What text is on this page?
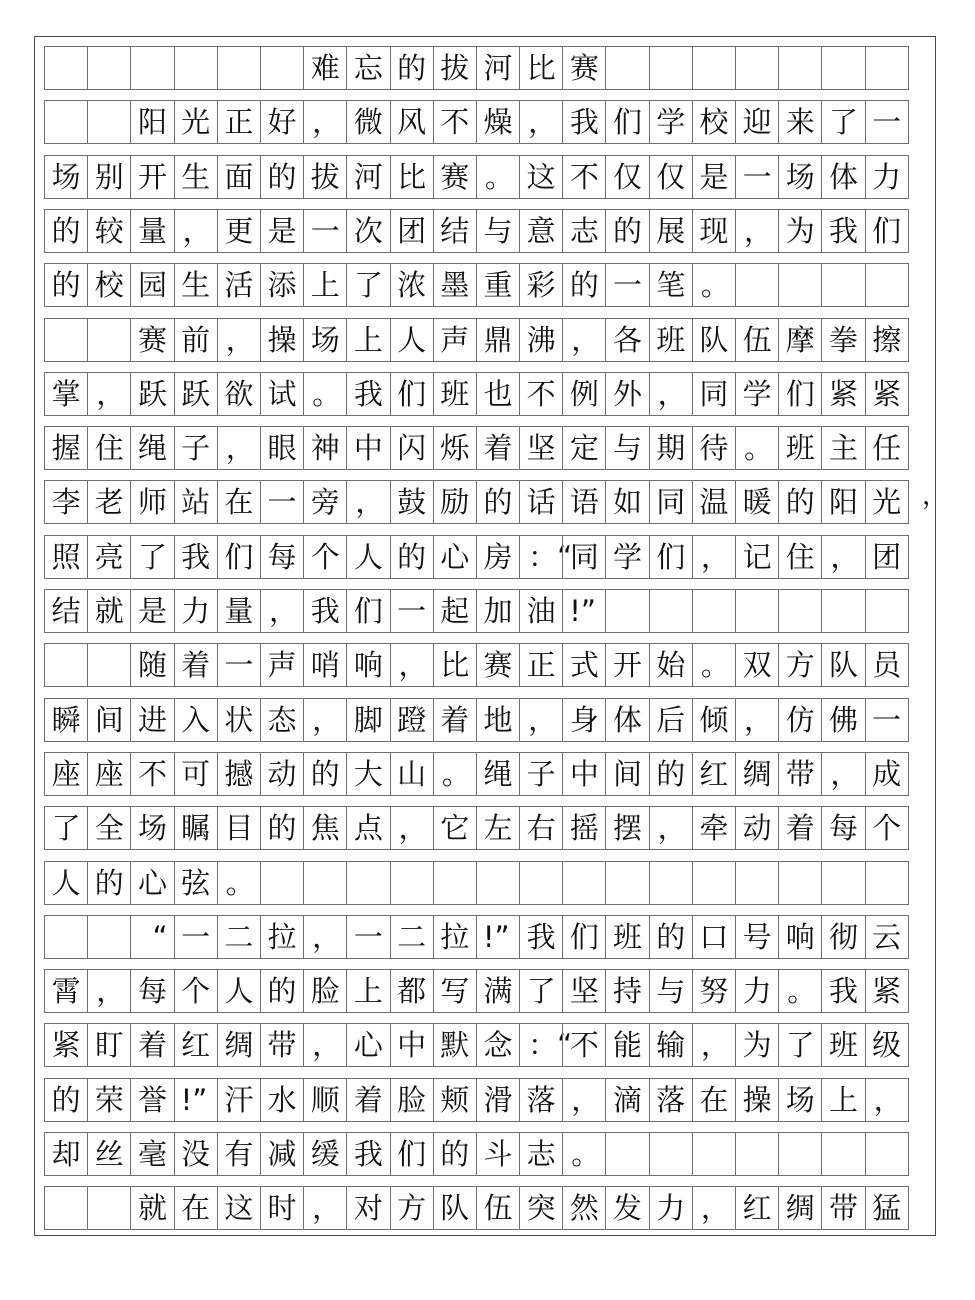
难 忘 的 拔 河 比 赛
阳 光 正 好 ， 微 风 不 燥 ， 我 们 学 校 迎 来 了 一
场 别 开 生 面 的 拔 河 比 赛 。 这 不 仅 仅 是 一 场 体 力
的 较 量 ， 更 是 一 次 团 结 与 意 志 的 展 现 ， 为 我 们
的 校 园 生 活 添 上 了 浓 墨 重 彩 的 一 笔 。
赛 前 ， 操 场 上 人 声 鼎 沸 ， 各 班 队 伍 摩 拳 擦
掌 ， 跃 跃 欲 试 。 我 们 班 也 不 例 外 ， 同 学 们 紧 紧
握 住 绳 子 ， 眼 神 中 闪 烁 着 坚 定 与 期 待 。 班 主 任
李 老 师 站 在 一 旁 ， 鼓 励 的 话 语 如 同 温 暖 的 阳 光
照 亮 了 我 们 每 个 人 的 心 房 ：“
同 学 们 ， 记 住 ， 团
结 就 是 力 量 ， 我 们 一 起 加 油 !”
随 着 一 声 哨 响 ， 比 赛 正 式 开 始 。 双 方 队 员
瞬 间 进 入 状 态 ， 脚 蹬 着 地 ， 身 体 后 倾 ， 仿 佛 一
座 座 不 可 撼 动 的 大 山 。 绳 子 中 间 的 红 绸 带 ， 成
了 全 场 瞩 目 的 焦 点 ， 它 左 右 摇 摆 ， 牵 动 着 每 个
人 的 心 弦 。
“ 一 二 拉 ， 一 二 拉 !” 我 们 班 的 口 号 响 彻 云
霄 ， 每 个 人 的 脸 上 都 写 满 了 坚 持 与 努 力 。 我 紧
紧 盯 着 红 绸 带 ， 心 中 默 念 ：“
不 能 输 ， 为 了 班 级
的 荣 誉 !” 汗 水 顺 着 脸 颊 滑 落 ， 滴 落 在 操 场 上 ，
却 丝 毫 没 有 减 缓 我 们 的 斗 志 。
就 在 这 时 ， 对 方 队 伍 突 然 发 力 ， 红 绸 带 猛
，
